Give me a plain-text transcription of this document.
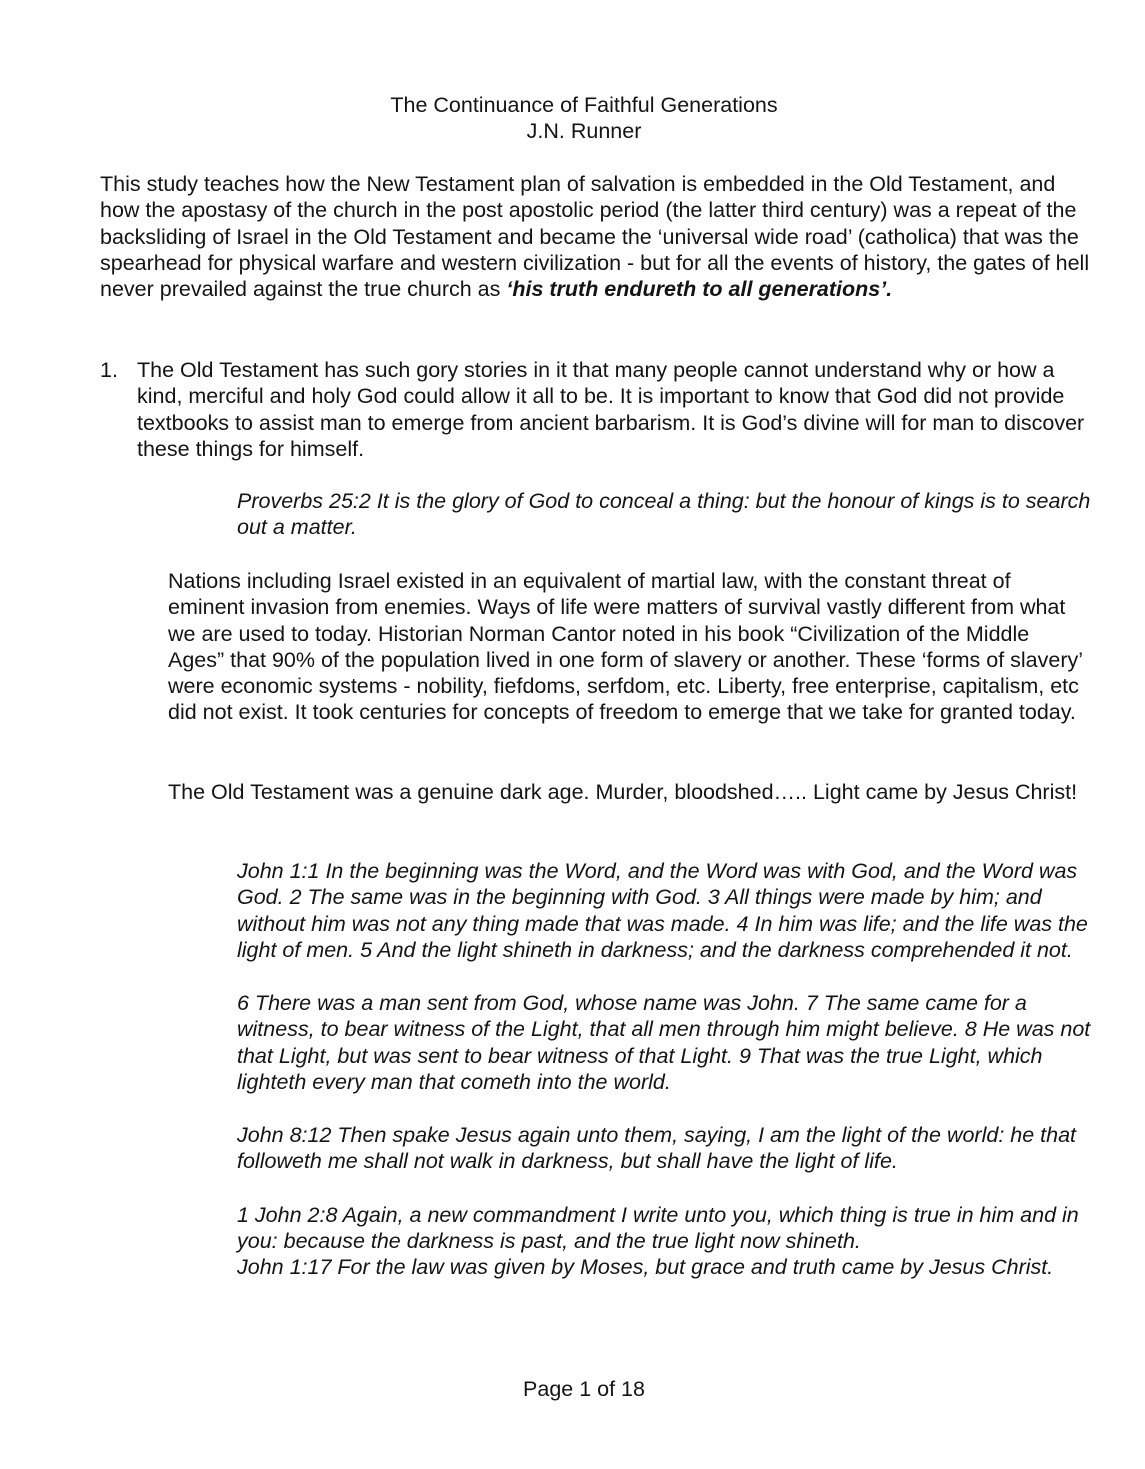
The Continuance of Faithful Generations
J.N. Runner

This study teaches how the New Testament plan of salvation is embedded in the Old Testament, and how the apostasy of the church in the post apostolic period (the latter third century) was a repeat of the backsliding of Israel in the Old Testament and became the ‘universal wide road’ (catholica) that was the spearhead for physical warfare and western civilization - but for all the events of history, the gates of hell never prevailed against the true church as ‘his truth endureth to all generations’.

1. The Old Testament has such gory stories in it that many people cannot understand why or how a kind, merciful and holy God could allow it all to be. It is important to know that God did not provide textbooks to assist man to emerge from ancient barbarism. It is God’s divine will for man to discover these things for himself.

Proverbs 25:2 It is the glory of God to conceal a thing: but the honour of kings is to search out a matter.

Nations including Israel existed in an equivalent of martial law, with the constant threat of eminent invasion from enemies. Ways of life were matters of survival vastly different from what we are used to today. Historian Norman Cantor noted in his book “Civilization of the Middle Ages” that 90% of the population lived in one form of slavery or another. These ‘forms of slavery’ were economic systems - nobility, fiefdoms, serfdom, etc. Liberty, free enterprise, capitalism, etc did not exist. It took centuries for concepts of freedom to emerge that we take for granted today.

The Old Testament was a genuine dark age. Murder, bloodshed….. Light came by Jesus Christ!

John 1:1 In the beginning was the Word, and the Word was with God, and the Word was God. 2 The same was in the beginning with God. 3 All things were made by him; and without him was not any thing made that was made. 4 In him was life; and the life was the light of men. 5 And the light shineth in darkness; and the darkness comprehended it not.

6 There was a man sent from God, whose name was John. 7 The same came for a witness, to bear witness of the Light, that all men through him might believe. 8 He was not that Light, but was sent to bear witness of that Light. 9 That was the true Light, which lighteth every man that cometh into the world.

John 8:12 Then spake Jesus again unto them, saying, I am the light of the world: he that followeth me shall not walk in darkness, but shall have the light of life.

1 John 2:8 Again, a new commandment I write unto you, which thing is true in him and in you: because the darkness is past, and the true light now shineth.

John 1:17 For the law was given by Moses, but grace and truth came by Jesus Christ.

Page 1 of 18
